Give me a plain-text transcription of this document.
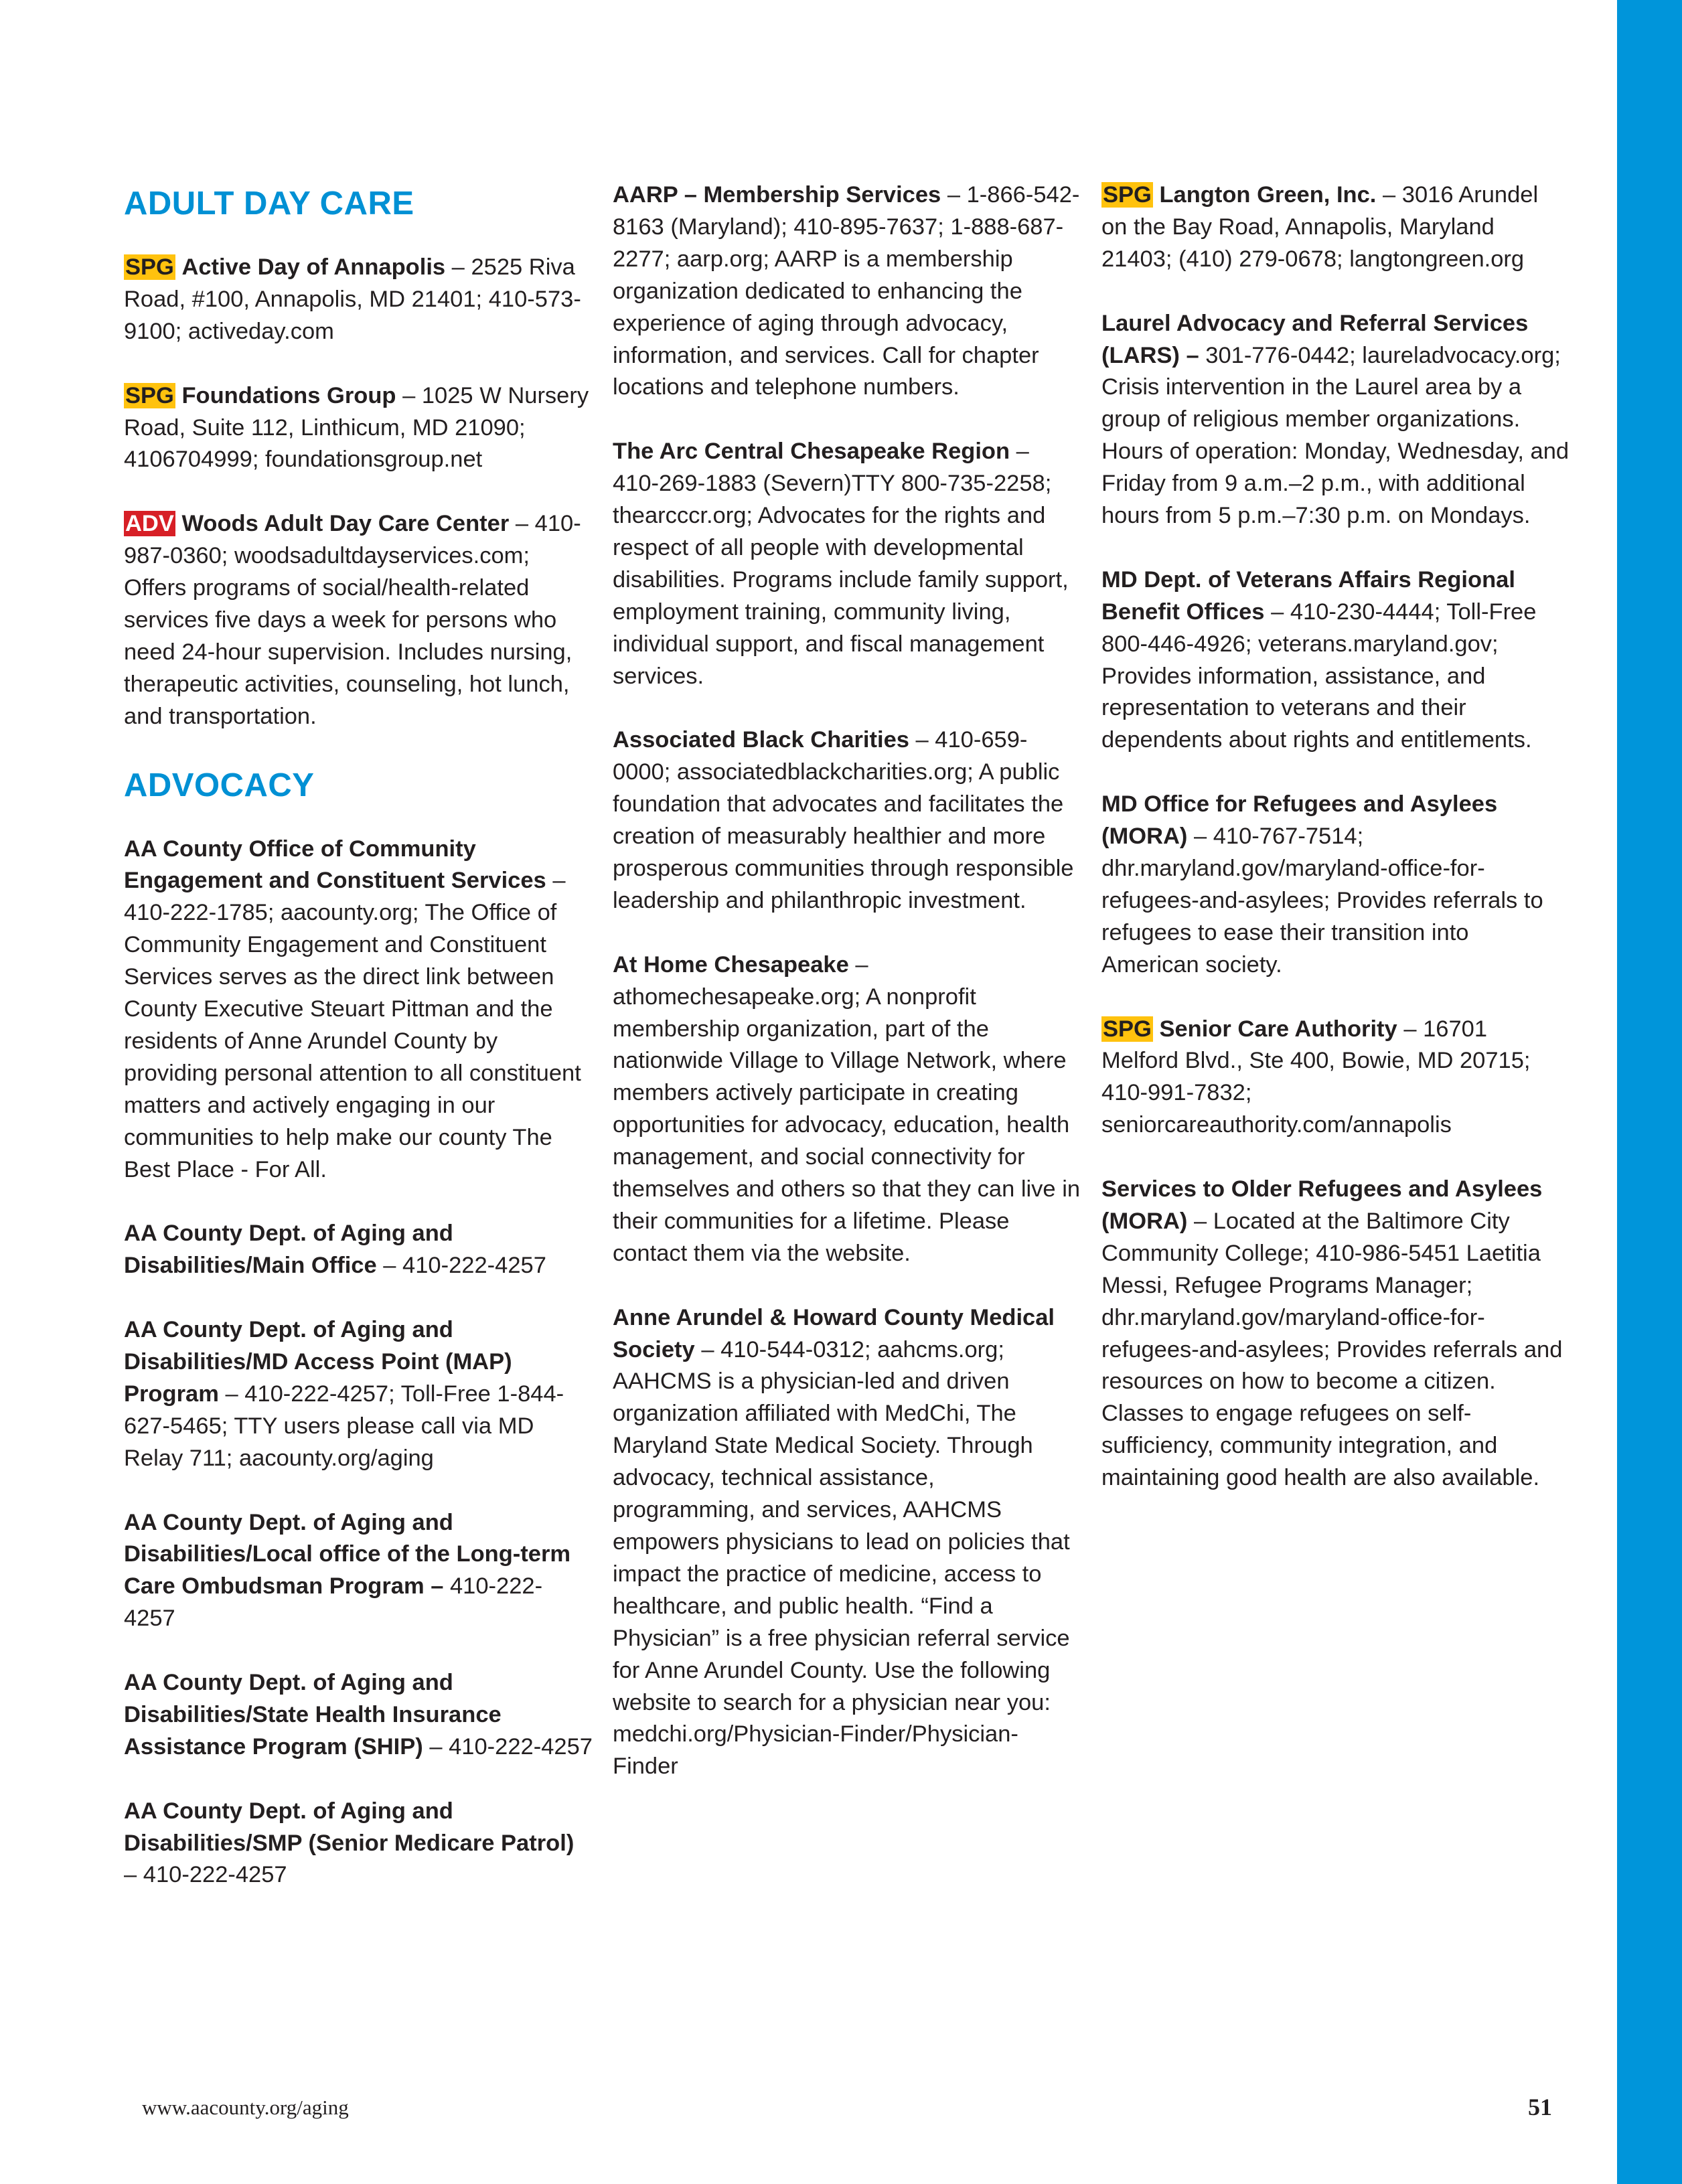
ADULT DAY CARE
SPG Active Day of Annapolis – 2525 Riva Road, #100, Annapolis, MD 21401; 410-573-9100; activeday.com
SPG Foundations Group – 1025 W Nursery Road, Suite 112, Linthicum, MD 21090; 4106704999; foundationsgroup.net
ADV Woods Adult Day Care Center – 410-987-0360; woodsadultdayservices.com; Offers programs of social/health-related services five days a week for persons who need 24-hour supervision. Includes nursing, therapeutic activities, counseling, hot lunch, and transportation.
ADVOCACY
AA County Office of Community Engagement and Constituent Services – 410-222-1785; aacounty.org; The Office of Community Engagement and Constituent Services serves as the direct link between County Executive Steuart Pittman and the residents of Anne Arundel County by providing personal attention to all constituent matters and actively engaging in our communities to help make our county The Best Place - For All.
AA County Dept. of Aging and Disabilities/Main Office – 410-222-4257
AA County Dept. of Aging and Disabilities/MD Access Point (MAP) Program – 410-222-4257; Toll-Free 1-844-627-5465; TTY users please call via MD Relay 711; aacounty.org/aging
AA County Dept. of Aging and Disabilities/Local office of the Long-term Care Ombudsman Program – 410-222-4257
AA County Dept. of Aging and Disabilities/State Health Insurance Assistance Program (SHIP) – 410-222-4257
AA County Dept. of Aging and Disabilities/SMP (Senior Medicare Patrol) – 410-222-4257
AARP – Membership Services – 1-866-542-8163 (Maryland); 410-895-7637; 1-888-687-2277; aarp.org; AARP is a membership organization dedicated to enhancing the experience of aging through advocacy, information, and services. Call for chapter locations and telephone numbers.
The Arc Central Chesapeake Region – 410-269-1883 (Severn)TTY 800-735-2258; thearcccr.org; Advocates for the rights and respect of all people with developmental disabilities. Programs include family support, employment training, community living, individual support, and fiscal management services.
Associated Black Charities – 410-659-0000; associatedblackcharities.org; A public foundation that advocates and facilitates the creation of measurably healthier and more prosperous communities through responsible leadership and philanthropic investment.
At Home Chesapeake – athomechesapeake.org; A nonprofit membership organization, part of the nationwide Village to Village Network, where members actively participate in creating opportunities for advocacy, education, health management, and social connectivity for themselves and others so that they can live in their communities for a lifetime. Please contact them via the website.
Anne Arundel & Howard County Medical Society – 410-544-0312; aahcms.org; AAHCMS is a physician-led and driven organization affiliated with MedChi, The Maryland State Medical Society. Through advocacy, technical assistance, programming, and services, AAHCMS empowers physicians to lead on policies that impact the practice of medicine, access to healthcare, and public health. “Find a Physician” is a free physician referral service for Anne Arundel County. Use the following website to search for a physician near you: medchi.org/Physician-Finder/Physician-Finder
SPG Langton Green, Inc. – 3016 Arundel on the Bay Road, Annapolis, Maryland 21403; (410) 279-0678; langtongreen.org
Laurel Advocacy and Referral Services (LARS) – 301-776-0442; laureladvocacy.org; Crisis intervention in the Laurel area by a group of religious member organizations. Hours of operation: Monday, Wednesday, and Friday from 9 a.m.–2 p.m., with additional hours from 5 p.m.–7:30 p.m. on Mondays.
MD Dept. of Veterans Affairs Regional Benefit Offices – 410-230-4444; Toll-Free 800-446-4926; veterans.maryland.gov; Provides information, assistance, and representation to veterans and their dependents about rights and entitlements.
MD Office for Refugees and Asylees (MORA) – 410-767-7514; dhr.maryland.gov/maryland-office-for-refugees-and-asylees; Provides referrals to refugees to ease their transition into American society.
SPG Senior Care Authority – 16701 Melford Blvd., Ste 400, Bowie, MD 20715; 410-991-7832; seniorcareauthority.com/annapolis
Services to Older Refugees and Asylees (MORA) – Located at the Baltimore City Community College; 410-986-5451 Laetitia Messi, Refugee Programs Manager; dhr.maryland.gov/maryland-office-for-refugees-and-asylees; Provides referrals and resources on how to become a citizen. Classes to engage refugees on self-sufficiency, community integration, and maintaining good health are also available.
www.aacounty.org/aging	51
